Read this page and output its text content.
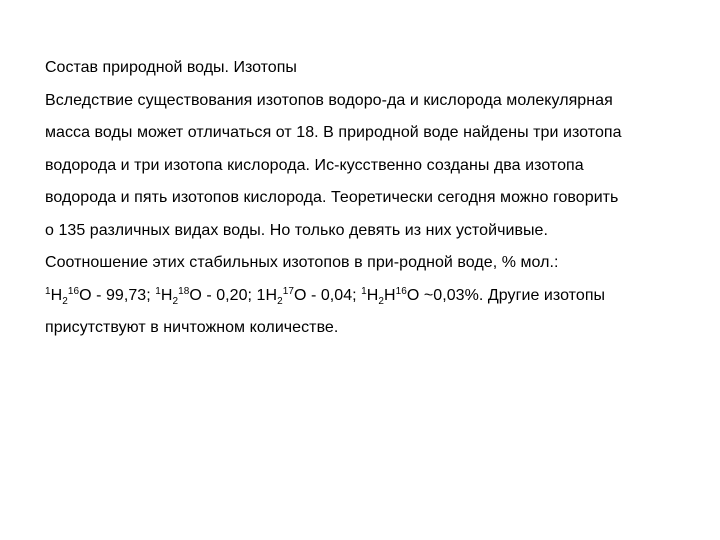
Состав природной воды. Изотопы
Вследствие существования изотопов водоро-да и кислорода молекулярная
масса воды может отличаться от 18. В природной воде найдены три изотопа
водорода и три изотопа кислорода. Ис-кусственно созданы два изотопа
водорода и пять изотопов кислорода. Теоретически сегодня можно говорить
о 135 различных видах воды. Но только девять из них устойчивые.
Соотношение этих стабильных изотопов в при-родной воде, % мол.:
$^1H_2^{16}O - 99,73$; $^1H_2^{18}O - 0,20$; $1H_2^{17}O - 0,04$; $^1H_2H^{16}O$ ~0,03%. Другие изотопы
присутствуют в ничтожном количестве.
